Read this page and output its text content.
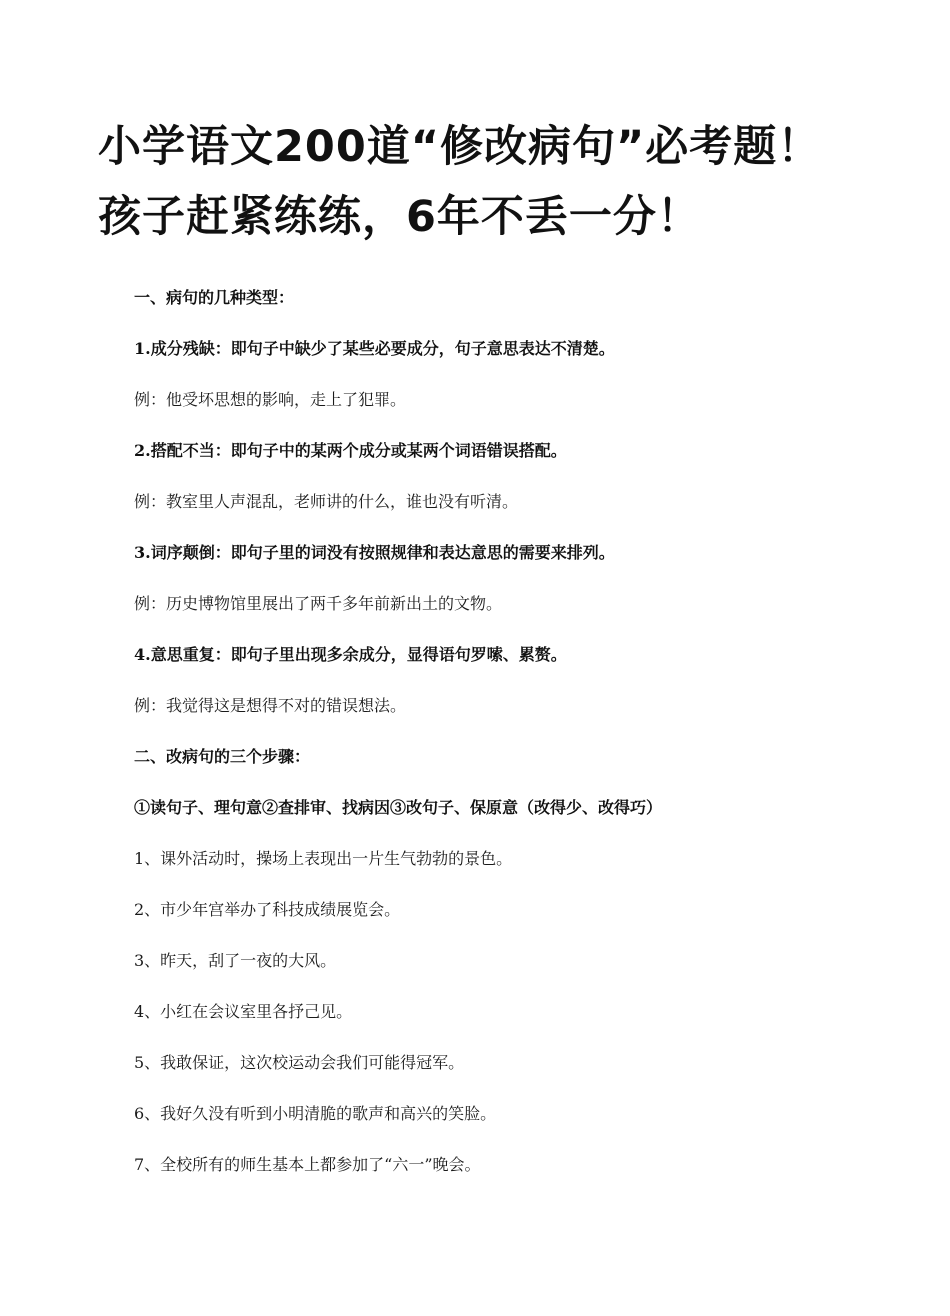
小学语文200道“修改病句”必考题！
孩子赶紧练练，6年不丢一分！
一、病句的几种类型：
1.成分残缺：即句子中缺少了某些必要成分，句子意思表达不清楚。
例：他受坏思想的影响，走上了犯罪。
2.搭配不当：即句子中的某两个成分或某两个词语错误搭配。
例：教室里人声混乱，老师讲的什么，谁也没有听清。
3.词序颠倒：即句子里的词没有按照规律和表达意思的需要来排列。
例：历史博物馆里展出了两千多年前新出土的文物。
4.意思重复：即句子里出现多余成分，显得语句罗嗦、累赘。
例：我觉得这是想得不对的错误想法。
二、改病句的三个步骤：
①读句子、理句意②查排审、找病因③改句子、保原意（改得少、改得巧）
1、课外活动时，操场上表现出一片生气勃勃的景色。
2、市少年宫举办了科技成绩展览会。
3、昨天，刮了一夜的大风。
4、小红在会议室里各抒己见。
5、我敢保证，这次校运动会我们可能得冠军。
6、我好久没有听到小明清脆的歌声和高兴的笑脸。
7、全校所有的师生基本上都参加了“六一”晚会。
